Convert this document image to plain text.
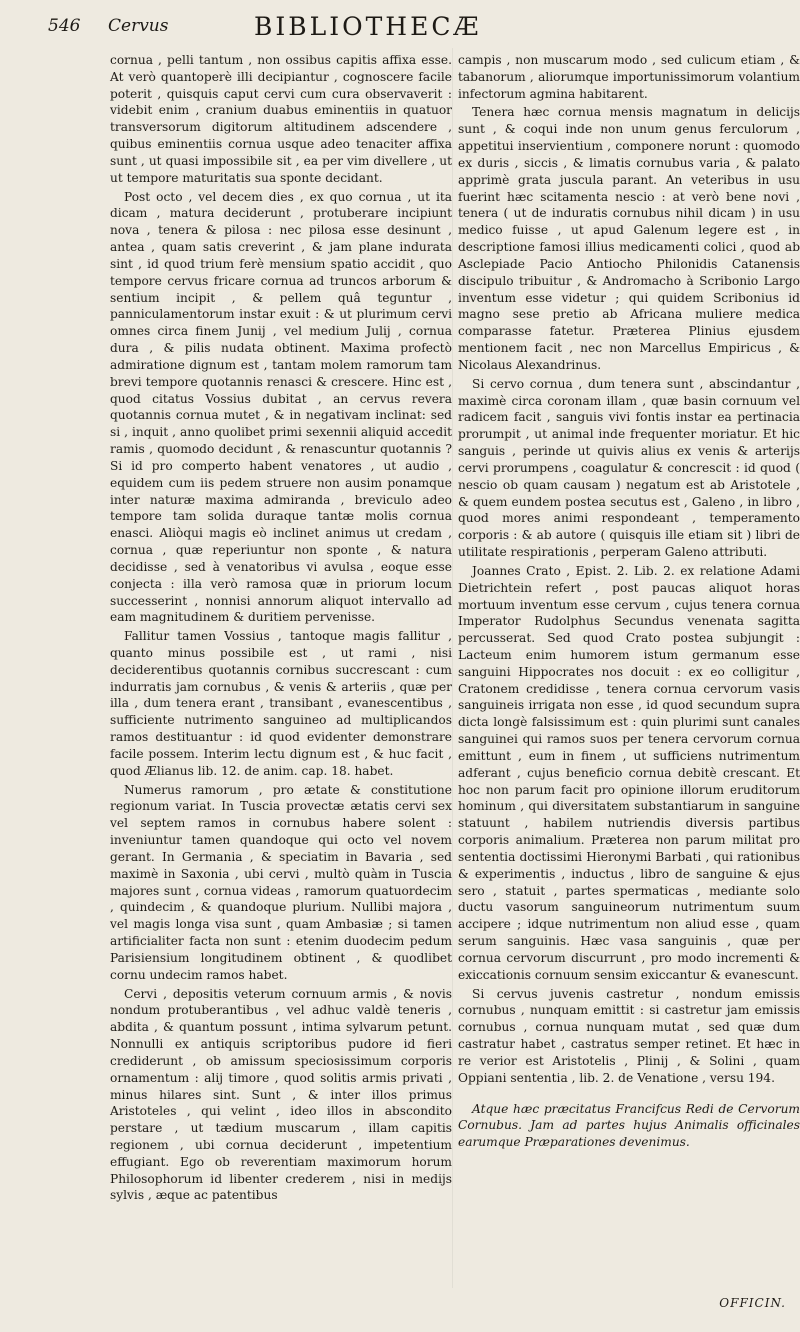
546 Cervus	BIBLIOTHECÆ

cornua , pelli tantum , non ossibus capitis affixa esse. At verò quantoperè illi decipiantur , cognoscere facile poterit , quisquis caput cervi cum cura observaverit : videbit enim , cranium duabus eminentiis in quatuor transversorum digitorum altitudinem adscendere , quibus eminentiis cornua usque adeo tenaciter affixa sunt , ut quasi impossibile sit , ea per vim divellere , ut ut tempore maturitatis sua sponte decidant.

Post octo , vel decem dies , ex quo cornua , ut ita dicam , matura deciderunt , protuberare incipiunt nova , tenera & pilosa : nec pilosa esse desinunt , antea , quam satis creverint , & jam plane indurata sint , id quod trium ferè mensium spatio accidit , quo tempore cervus fricare cornua ad truncos arborum & sentium incipit , & pellem quâ teguntur , panniculamentorum instar exuit : & ut plurimum cervi omnes circa finem Junij , vel medium Julij , cornua dura , & pilis nudata obtinent. Maxima profectò admiratione dignum est , tantam molem ramorum tam brevi tempore quotannis renasci & crescere. Hinc est , quod citatus Vossius dubitat , an cervus revera quotannis cornua mutet , & in negativam inclinat: sed si , inquit , anno quolibet primi sexennii aliquid accedit ramis , quomodo decidunt , & renascuntur quotannis ? Si id pro comperto habent venatores , ut audio , equidem cum iis pedem struere non ausim ponamque inter naturæ maxima admiranda , breviculo adeo tempore tam solida duraque tantæ molis cornua enasci. Aliòqui magis eò inclinet animus ut credam , cornua , quæ reperiuntur non sponte , & natura decidisse , sed à venatoribus vi avulsa , eoque esse conjecta : illa verò ramosa quæ in priorum locum successerint , nonnisi annorum aliquot intervallo ad eam magnitudinem & duritiem pervenisse.

Fallitur tamen Vossius , tantoque magis fallitur , quanto minus possibile est , ut rami , nisi deciderentibus quotannis cornibus succrescant : cum indurratis jam cornubus , & venis & arteriis , quæ per illa , dum tenera erant , transibant , evanescentibus , sufficiente nutrimento sanguineo ad multiplicandos ramos destituantur : id quod evidenter demonstrare facile possem. Interim lectu dignum est , & huc facit , quod Ælianus lib. 12. de anim. cap. 18. habet.

Numerus ramorum , pro ætate & constitutione regionum variat. In Tuscia provectæ ætatis cervi sex vel septem ramos in cornubus habere solent : inveniuntur tamen quandoque qui octo vel novem gerant. In Germania , & speciatim in Bavaria , sed maximè in Saxonia , ubi cervi , multò quàm in Tuscia majores sunt , cornua videas , ramorum quatuordecim , quindecim , & quandoque plurium. Nullibi majora , vel magis longa visa sunt , quam Ambasiæ ; si tamen artificialiter facta non sunt : etenim duodecim pedum Parisiensium longitudinem obtinent , & quodlibet cornu undecim ramos habet.

Cervi , depositis veterum cornuum armis , & novis nondum protuberantibus , vel adhuc valdè teneris , abdita , & quantum possunt , intima sylvarum petunt. Nonnulli ex antiquis scriptoribus pudore id fieri crediderunt , ob amissum speciosissimum corporis ornamentum : alij timore , quod solitis armis privati , minus hilares sint. Sunt , & inter illos primus Aristoteles , qui velint , ideo illos in abscondito perstare , ut tædium muscarum , illam capitis regionem , ubi cornua deciderunt , impetentium effugiant. Ego ob reverentiam maximorum horum Philosophorum id libenter crederem , nisi in medijs sylvis , æque ac patentibus

campis , non muscarum modo , sed culicum etiam , & tabanorum , aliorumque importunissimorum volantium infectorum agmina habitarent.

Tenera hæc cornua mensis magnatum in delicijs sunt , & coqui inde non unum genus ferculorum , appetitui inservientium , componere norunt : quomodo ex duris , siccis , & limatis cornubus varia , & palato apprimè grata juscula parant. An veteribus in usu fuerint hæc scitamenta nescio : at verò bene novi , tenera ( ut de induratis cornubus nihil dicam ) in usu medico fuisse , ut apud Galenum legere est , in descriptione famosi illius medicamenti colici , quod ab Asclepiade Pacio Antiocho Philonidis Catanensis discipulo tribuitur , & Andromacho à Scribonio Largo inventum esse videtur ; qui quidem Scribonius id magno sese pretio ab Africana muliere medica comparasse fatetur. Præterea Plinius ejusdem mentionem facit , nec non Marcellus Empiricus , & Nicolaus Alexandrinus.

Si cervo cornua , dum tenera sunt , abscindantur , maximè circa coronam illam , quæ basin cornuum vel radicem facit , sanguis vivi fontis instar ea pertinacia prorumpit , ut animal inde frequenter moriatur. Et hic sanguis , perinde ut quivis alius ex venis & arterijs cervi prorumpens , coagulatur & concrescit : id quod ( nescio ob quam causam ) negatum est ab Aristotele , & quem eundem postea secutus est , Galeno , in libro , quod mores animi respondeant , temperamento corporis : & ab autore ( quisquis ille etiam sit ) libri de utilitate respirationis , perperam Galeno attributi.

Joannes Crato , Epist. 2. Lib. 2. ex relatione Adami Dietrichtein refert , post paucas aliquot horas mortuum inventum esse cervum , cujus tenera cornua Imperator Rudolphus Secundus venenata sagitta percusserat. Sed quod Crato postea subjungit : Lacteum enim humorem istum germanum esse sanguini Hippocrates nos docuit : ex eo colligitur , Cratonem credidisse , tenera cornua cervorum vasis sanguineis irrigata non esse , id quod secundum supra dicta longè falsissimum est : quin plurimi sunt canales sanguinei qui ramos suos per tenera cervorum cornua emittunt , eum in finem , ut sufficiens nutrimentum adferant , cujus beneficio cornua debitè crescant. Et hoc non parum facit pro opinione illorum eruditorum hominum , qui diversitatem substantiarum in sanguine statuunt , habilem nutriendis diversis partibus corporis animalium. Præterea non parum militat pro sententia doctissimi Hieronymi Barbati , qui rationibus & experimentis , inductus , libro de sanguine & ejus sero , statuit , partes spermaticas , mediante solo ductu vasorum sanguineorum nutrimentum suum accipere ; idque nutrimentum non aliud esse , quam serum sanguinis. Hæc vasa sanguinis , quæ per cornua cervorum discurrunt , pro modo incrementi & exiccationis cornuum sensim exiccantur & evanescunt.

Si cervus juvenis castretur , nondum emissis cornubus , nunquam emittit : si castretur jam emissis cornubus , cornua nunquam mutat , sed quæ dum castratur habet , castratus semper retinet. Et hæc in re verior est Aristotelis , Plinij , & Solini , quam Oppiani sententia , lib. 2. de Venatione , versu 194.

Atque hæc præcitatus Francifcus Redi de Cervorum Cornubus. Jam ad partes hujus Animalis officinales earumque Præparationes devenimus.

OFFICIN.
